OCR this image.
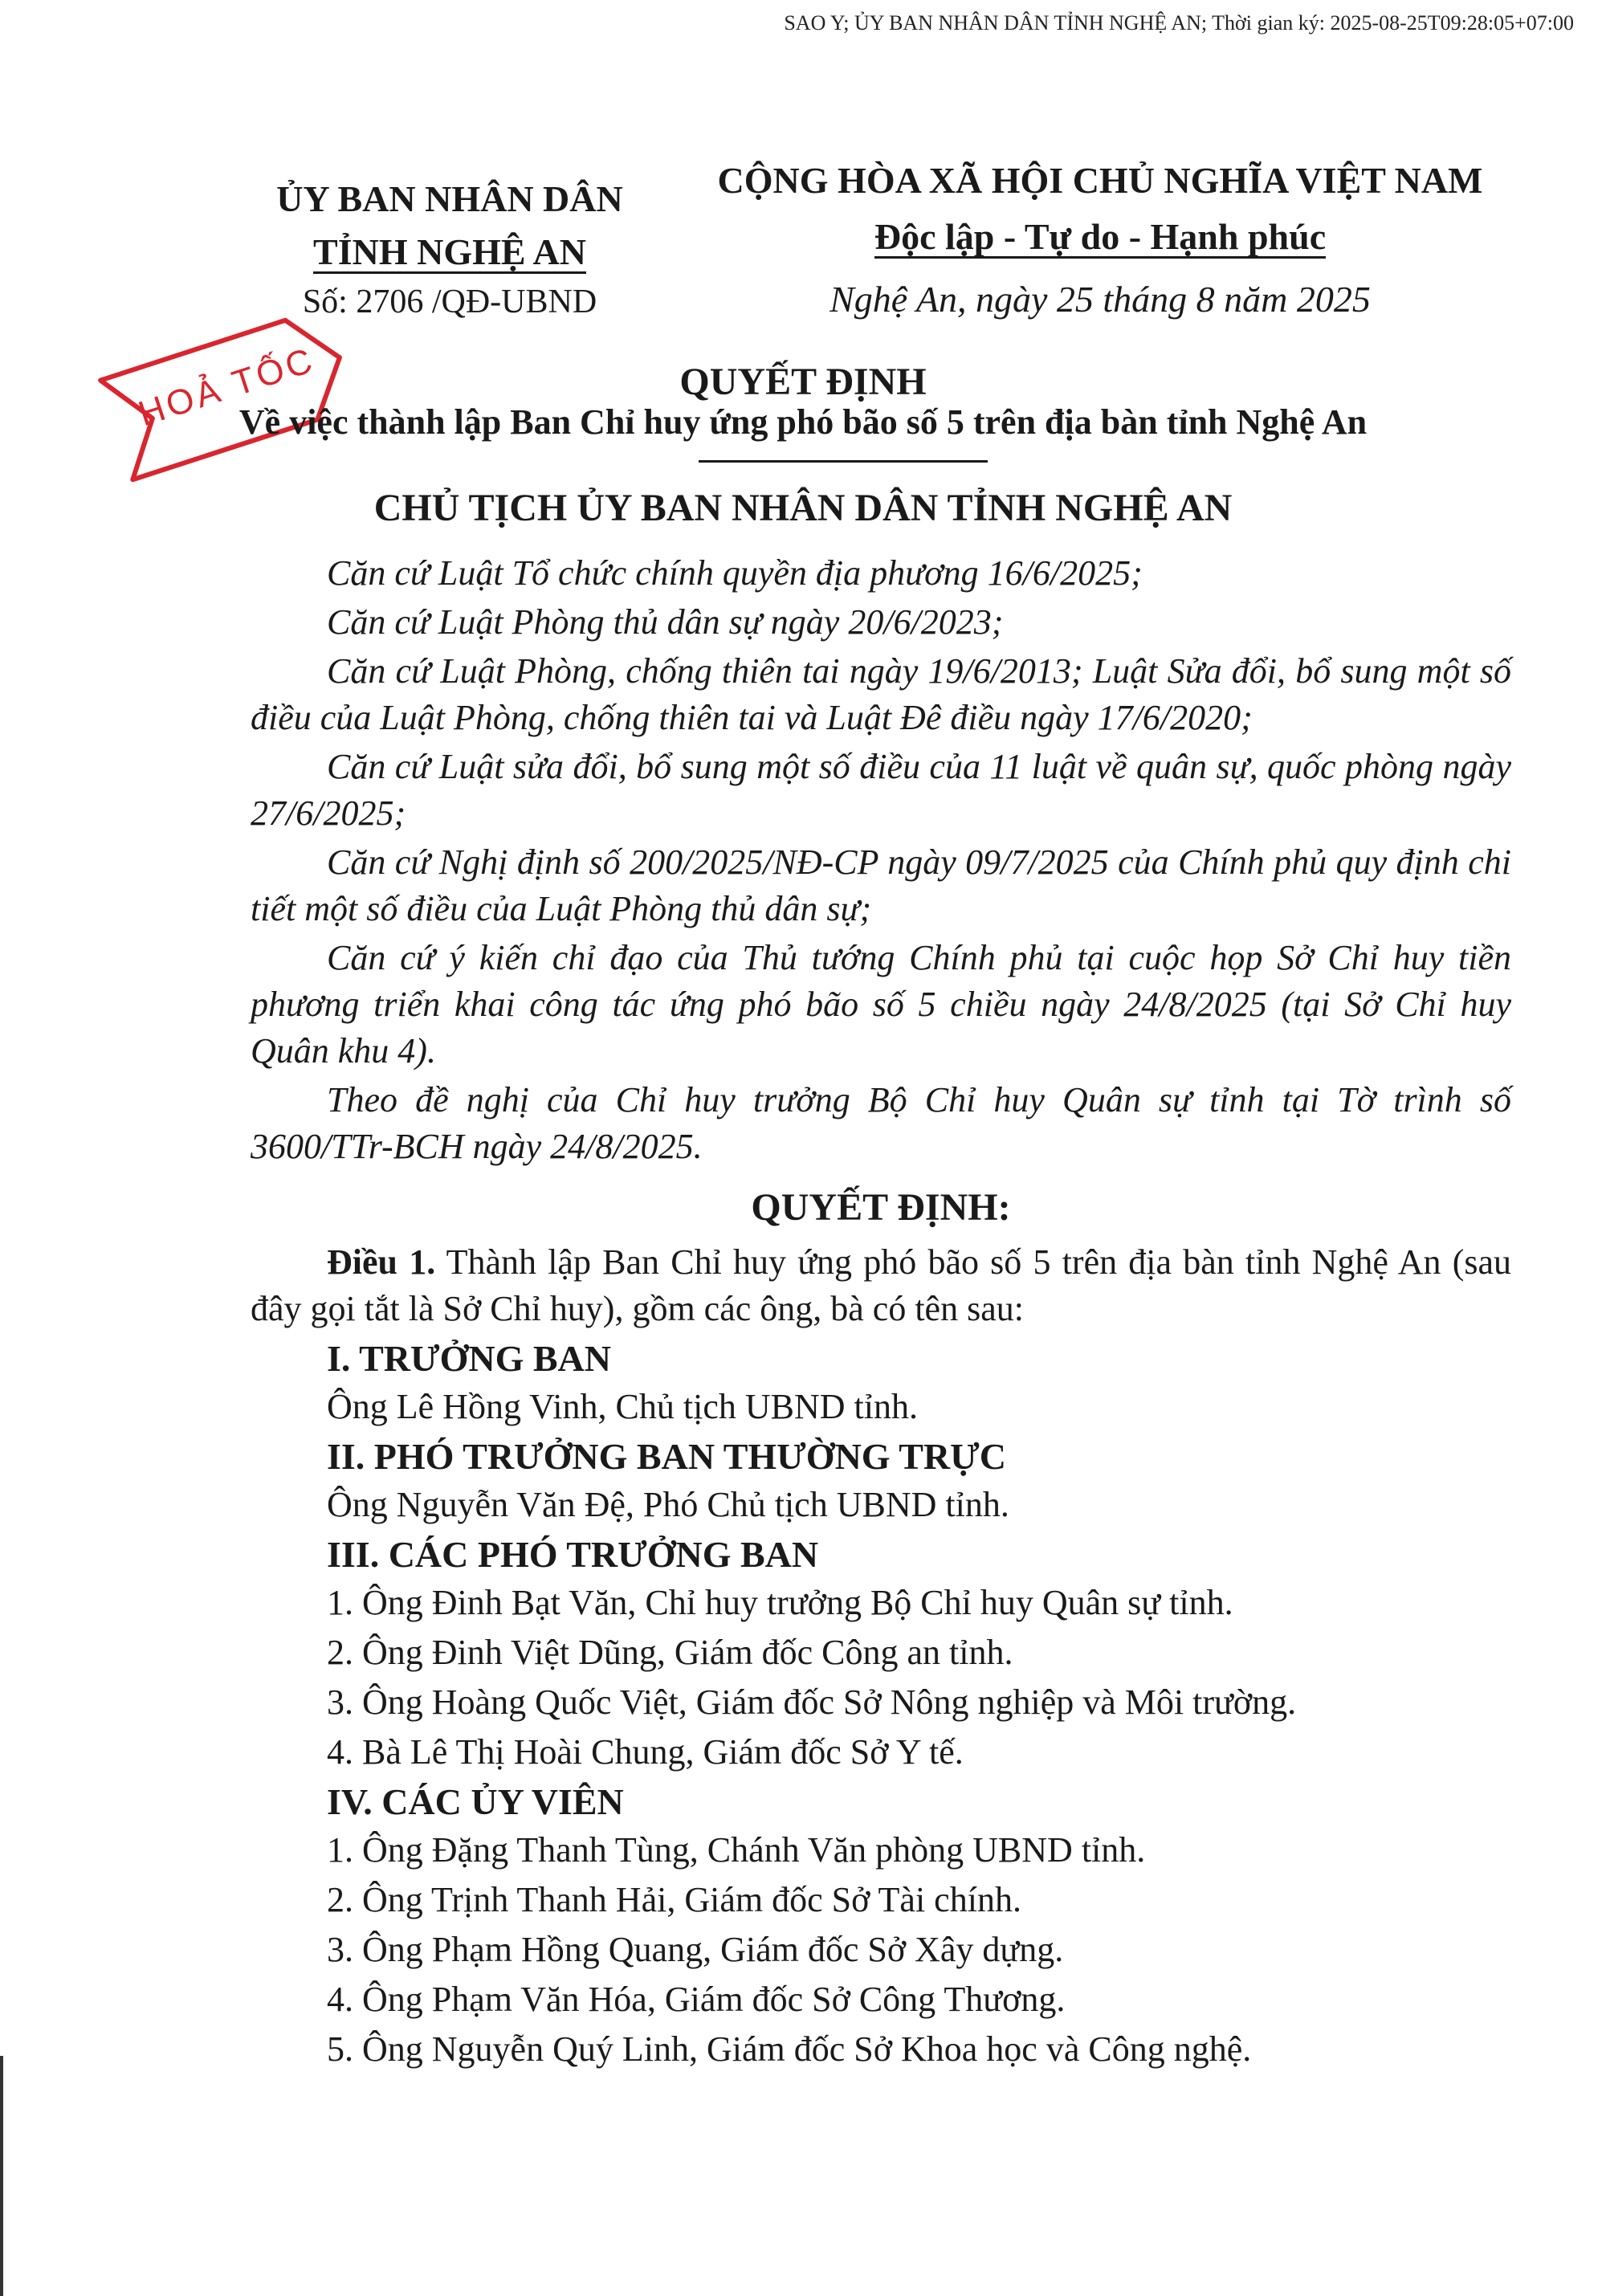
SAO Y; ỦY BAN NHÂN DÂN TỈNH NGHỆ AN; Thời gian ký: 2025-08-25T09:28:05+07:00
ỦY BAN NHÂN DÂN
TỈNH NGHỆ AN
Số: 2706 /QĐ-UBND
CỘNG HÒA XÃ HỘI CHỦ NGHĨA VIỆT NAM
Độc lập - Tự do - Hạnh phúc
Nghệ An, ngày 25 tháng 8 năm 2025
HOẢ TỐC	QUYẾT ĐỊNH
Về việc thành lập Ban Chỉ huy ứng phó bão số 5 trên địa bàn tỉnh Nghệ An
CHỦ TỊCH ỦY BAN NHÂN DÂN TỈNH NGHỆ AN

Căn cứ Luật Tổ chức chính quyền địa phương 16/6/2025;

Căn cứ Luật Phòng thủ dân sự ngày 20/6/2023;

Căn cứ Luật Phòng, chống thiên tai ngày 19/6/2013; Luật Sửa đổi, bổ sung một số điều của Luật Phòng, chống thiên tai và Luật Đê điều ngày 17/6/2020;

Căn cứ Luật sửa đổi, bổ sung một số điều của 11 luật về quân sự, quốc phòng ngày 27/6/2025;

Căn cứ Nghị định số 200/2025/NĐ-CP ngày 09/7/2025 của Chính phủ quy định chi tiết một số điều của Luật Phòng thủ dân sự;

Căn cứ ý kiến chỉ đạo của Thủ tướng Chính phủ tại cuộc họp Sở Chỉ huy tiền phương triển khai công tác ứng phó bão số 5 chiều ngày 24/8/2025 (tại Sở Chỉ huy Quân khu 4).

Theo đề nghị của Chỉ huy trưởng Bộ Chỉ huy Quân sự tỉnh tại Tờ trình số 3600/TTr-BCH ngày 24/8/2025.

QUYẾT ĐỊNH:

Điều 1. Thành lập Ban Chỉ huy ứng phó bão số 5 trên địa bàn tỉnh Nghệ An (sau đây gọi tắt là Sở Chỉ huy), gồm các ông, bà có tên sau:

I. TRƯỞNG BAN
Ông Lê Hồng Vinh, Chủ tịch UBND tỉnh.
II. PHÓ TRƯỞNG BAN THƯỜNG TRỰC
Ông Nguyễn Văn Đệ, Phó Chủ tịch UBND tỉnh.
III. CÁC PHÓ TRƯỞNG BAN
1. Ông Đinh Bạt Văn, Chỉ huy trưởng Bộ Chỉ huy Quân sự tỉnh.
2. Ông Đinh Việt Dũng, Giám đốc Công an tỉnh.
3. Ông Hoàng Quốc Việt, Giám đốc Sở Nông nghiệp và Môi trường.
4. Bà Lê Thị Hoài Chung, Giám đốc Sở Y tế.
IV. CÁC ỦY VIÊN
1. Ông Đặng Thanh Tùng, Chánh Văn phòng UBND tỉnh.
2. Ông Trịnh Thanh Hải, Giám đốc Sở Tài chính.
3. Ông Phạm Hồng Quang, Giám đốc Sở Xây dựng.
4. Ông Phạm Văn Hóa, Giám đốc Sở Công Thương.
5. Ông Nguyễn Quý Linh, Giám đốc Sở Khoa học và Công nghệ.
